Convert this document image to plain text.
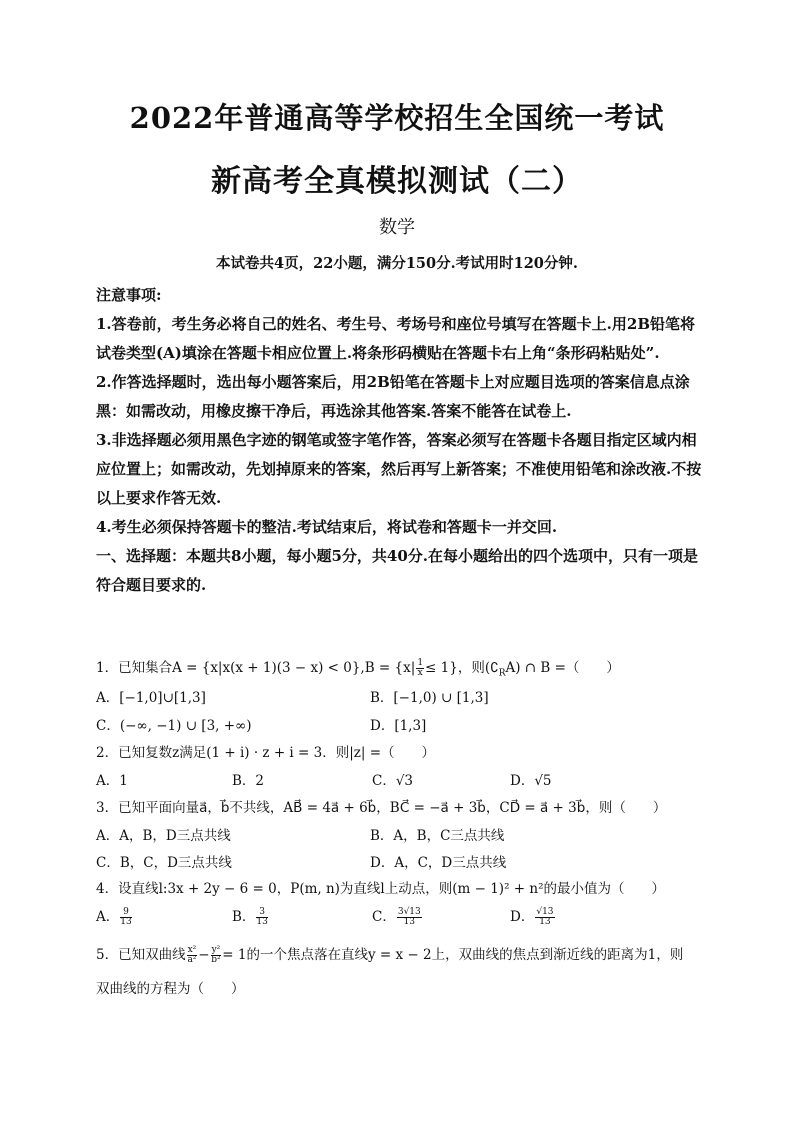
2022年普通高等学校招生全国统一考试
新高考全真模拟测试（二）
数学
本试卷共4页，22小题，满分150分.考试用时120分钟.

注意事项:

1.答卷前，考生务必将自己的姓名、考生号、考场号和座位号填写在答题卡上.用2B铅笔将试卷类型(A)填涂在答题卡相应位置上.将条形码横贴在答题卡右上角“条形码粘贴处”.

2.作答选择题时，选出每小题答案后，用2B铅笔在答题卡上对应题目选项的答案信息点涂黑：如需改动，用橡皮擦干净后，再选涂其他答案.答案不能答在试卷上.

3.非选择题必须用黑色字迹的钢笔或签字笔作答，答案必须写在答题卡各题目指定区域内相应位置上；如需改动，先划掉原来的答案，然后再写上新答案；不准使用铅笔和涂改液.不按以上要求作答无效.

4.考生必须保持答题卡的整洁.考试结束后，将试卷和答题卡一并交回.

一、选择题：本题共8小题，每小题5分，共40分.在每小题给出的四个选项中，只有一项是符合题目要求的.

1．已知集合$A = \{x|x(x + 1)(3 - x) < 0\},B = \{x| \frac{1}{x} \le 1\}$，则$(∁_RA)$ ∩ B =（　　）
A．[−1,0]∪[1,3]	B．[−1,0) ∪ [1,3]
C．(−∞, −1) ∪ [3, +∞)	D．[1,3]
2．已知复数z满足(1 + i) · z + i = 3．则|z| =（　　）
A．1	B．2	C．√3	D．√5
3．已知平面向量a⃗，b⃗不共线，AB⃗ = 4a⃗ + 6b⃗，BC⃗ = −a⃗ + 3b⃗，CD⃗ = a⃗ + 3b⃗，则（　　）
A．A，B，D三点共线	B．A，B，C三点共线
C．B，C，D三点共线	D．A，C，D三点共线
4．设直线l:3x + 2y − 6 = 0，P(m, n)为直线l上动点，则(m − 1)² + n²的最小值为（　　）
A． $\frac{9}{13}$	B． $\frac{3}{13}$	C． $\frac{3√13}{13}$	D． $\frac{√13}{13}$
5．已知双曲线 $\frac{\text{x²}}{\text{a²}} - \frac{\text{y²}}{\text{b²}} = 1$的一个焦点落在直线y = x − 2上，双曲线的焦点到渐近线的距离为1，则
双曲线的方程为（　　）
